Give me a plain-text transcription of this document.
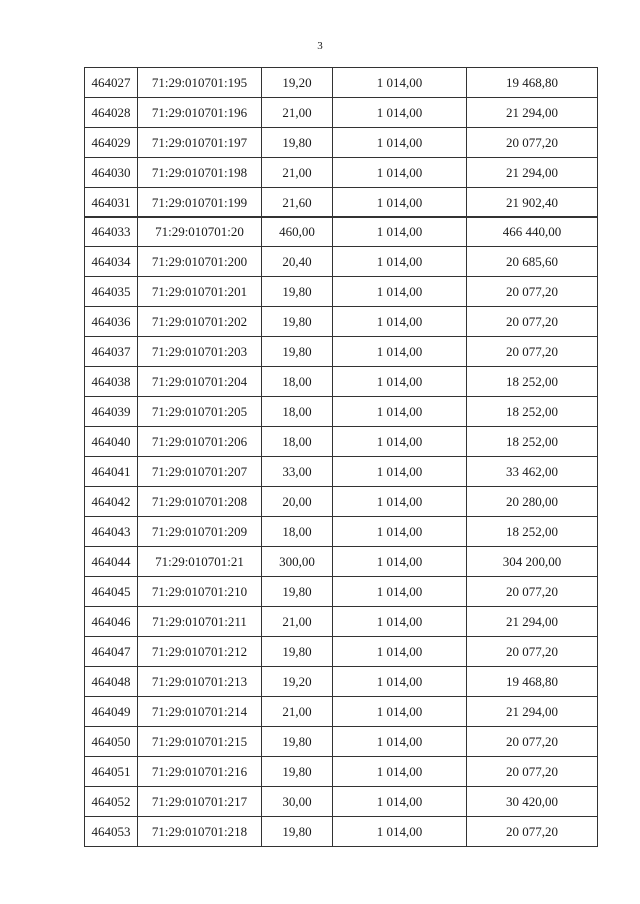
3
464027	71:29:010701:195	19,20	1 014,00	19 468,80
464028	71:29:010701:196	21,00	1 014,00	21 294,00
464029	71:29:010701:197	19,80	1 014,00	20 077,20
464030	71:29:010701:198	21,00	1 014,00	21 294,00
464031	71:29:010701:199	21,60	1 014,00	21 902,40
464033	71:29:010701:20	460,00	1 014,00	466 440,00
464034	71:29:010701:200	20,40	1 014,00	20 685,60
464035	71:29:010701:201	19,80	1 014,00	20 077,20
464036	71:29:010701:202	19,80	1 014,00	20 077,20
464037	71:29:010701:203	19,80	1 014,00	20 077,20
464038	71:29:010701:204	18,00	1 014,00	18 252,00
464039	71:29:010701:205	18,00	1 014,00	18 252,00
464040	71:29:010701:206	18,00	1 014,00	18 252,00
464041	71:29:010701:207	33,00	1 014,00	33 462,00
464042	71:29:010701:208	20,00	1 014,00	20 280,00
464043	71:29:010701:209	18,00	1 014,00	18 252,00
464044	71:29:010701:21	300,00	1 014,00	304 200,00
464045	71:29:010701:210	19,80	1 014,00	20 077,20
464046	71:29:010701:211	21,00	1 014,00	21 294,00
464047	71:29:010701:212	19,80	1 014,00	20 077,20
464048	71:29:010701:213	19,20	1 014,00	19 468,80
464049	71:29:010701:214	21,00	1 014,00	21 294,00
464050	71:29:010701:215	19,80	1 014,00	20 077,20
464051	71:29:010701:216	19,80	1 014,00	20 077,20
464052	71:29:010701:217	30,00	1 014,00	30 420,00
464053	71:29:010701:218	19,80	1 014,00	20 077,20
